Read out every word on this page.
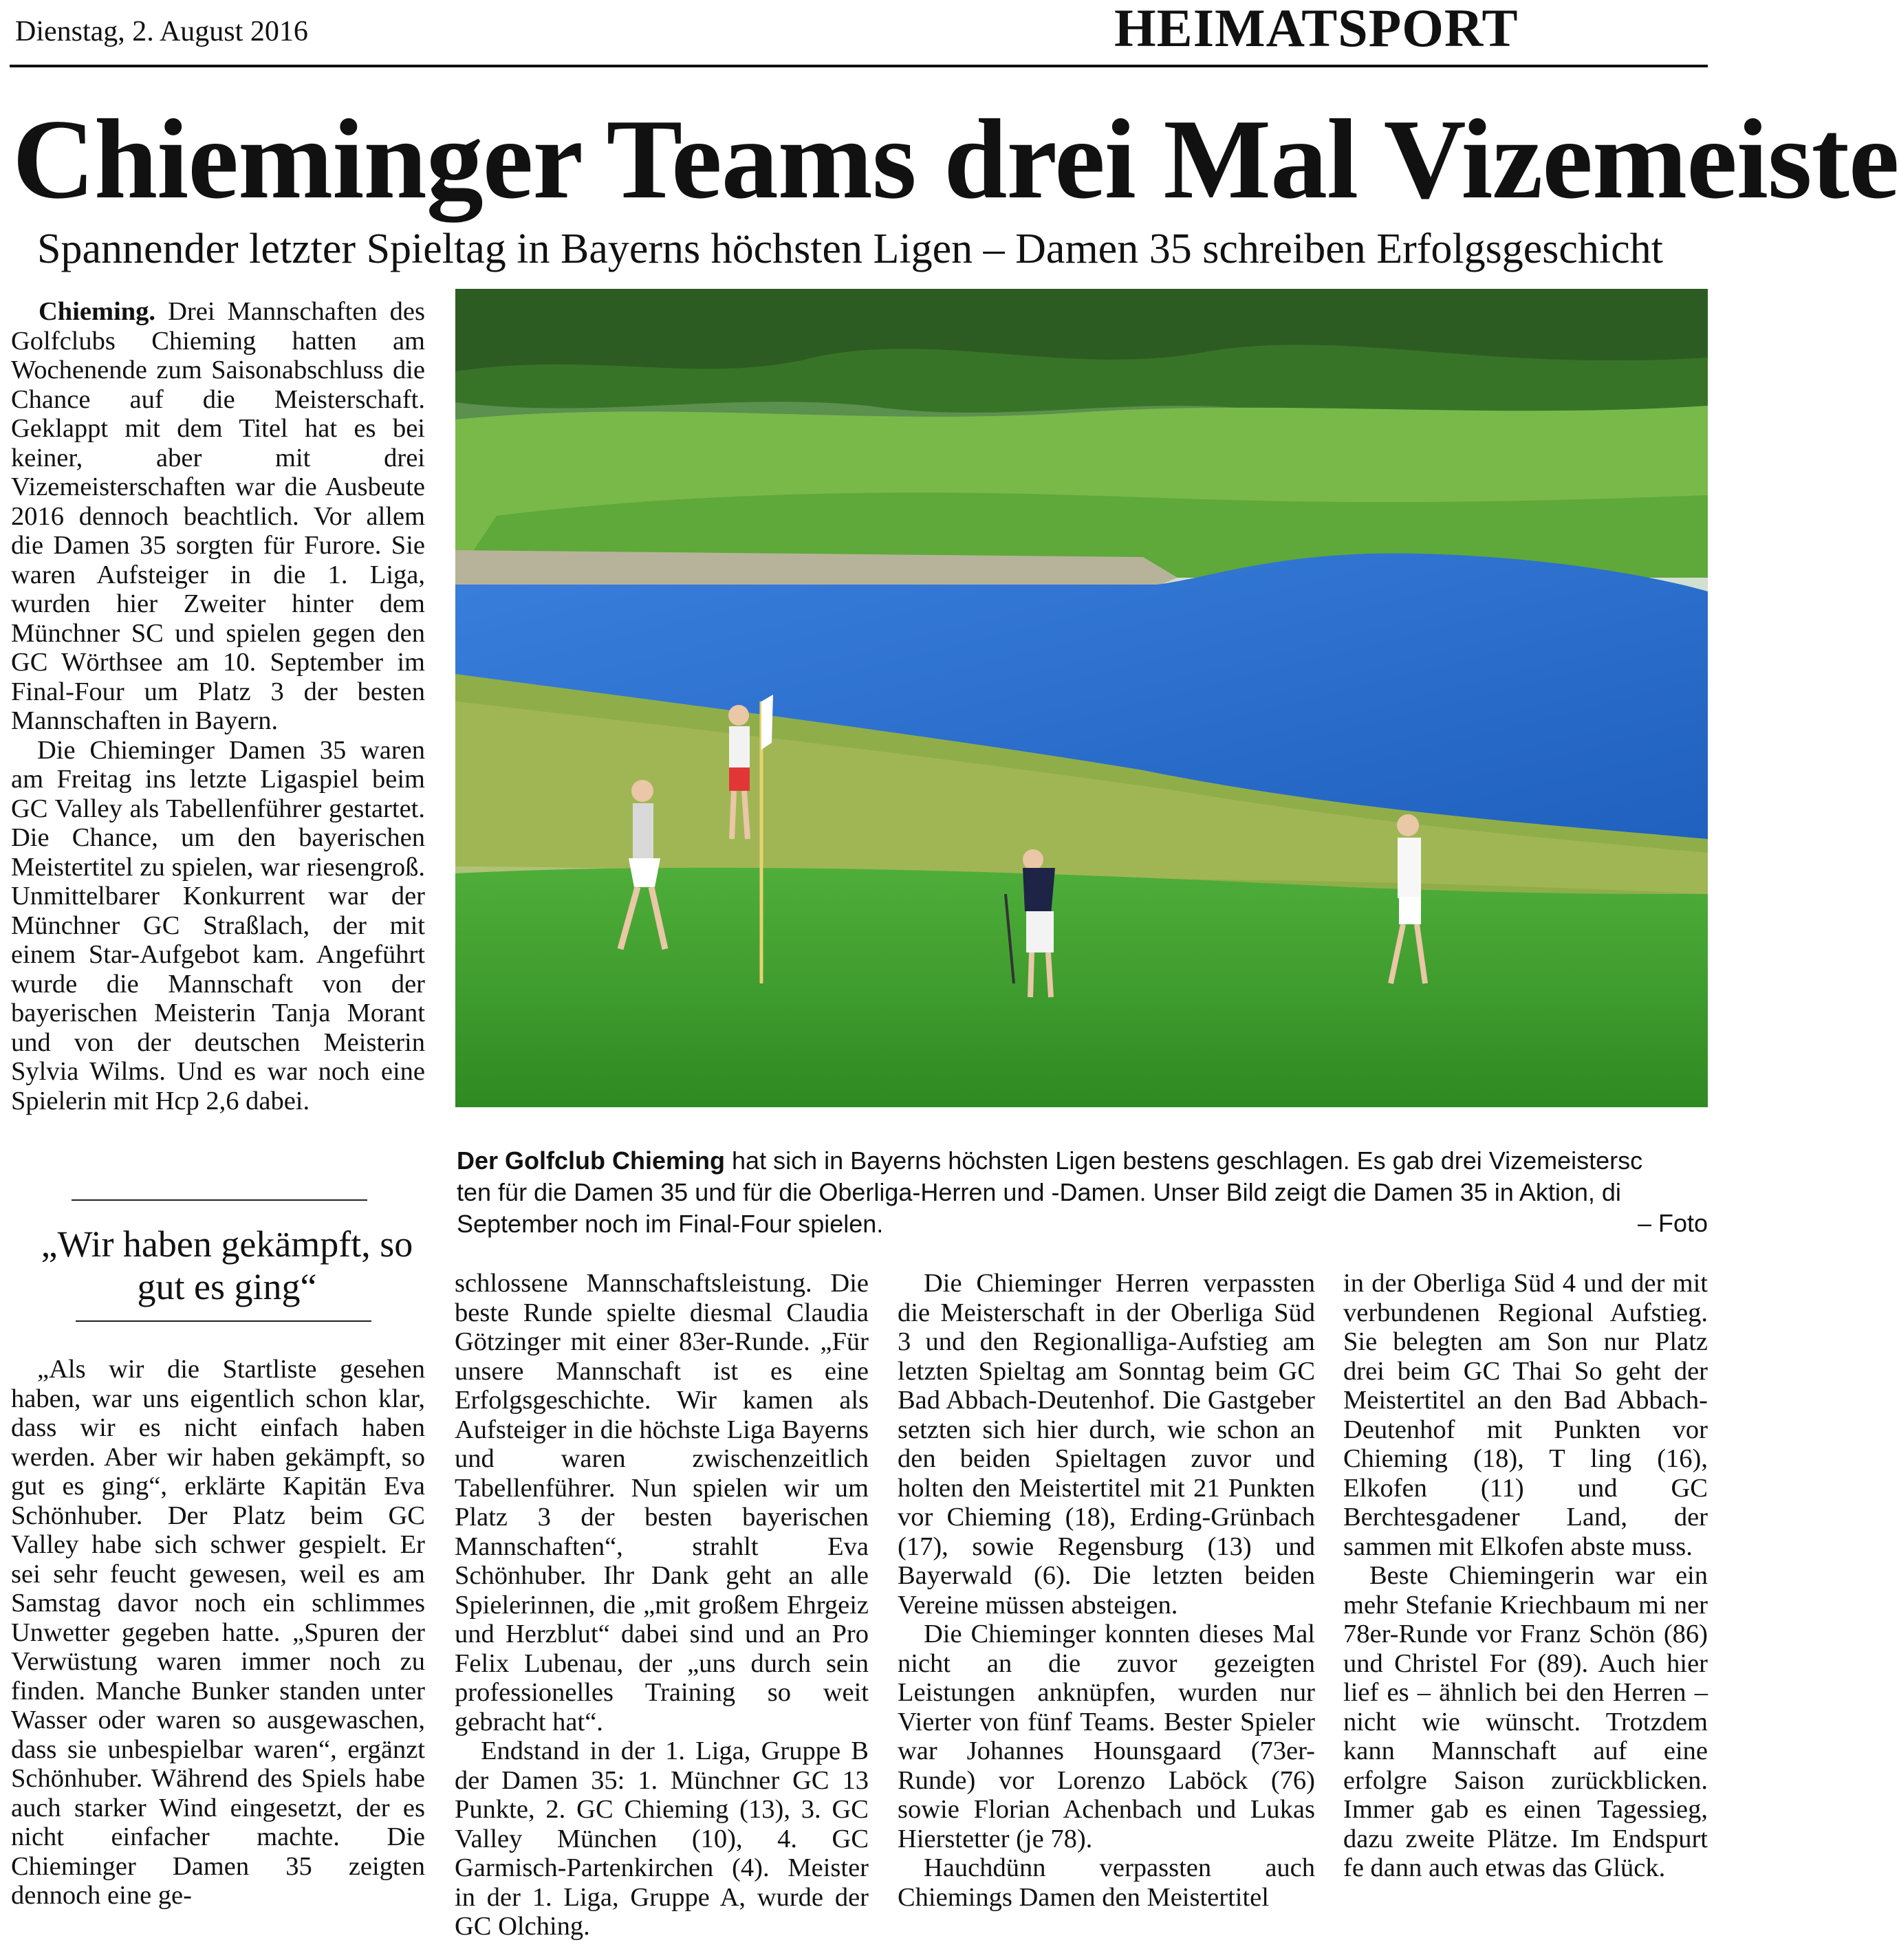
Dienstag, 2. August 2016	HEIMATSPORT
Chieminger Teams drei Mal Vizemeiste
Spannender letzter Spieltag in Bayerns höchsten Ligen – Damen 35 schreiben Erfolgsgeschicht

Chieming. Drei Mannschaften des Golfclubs Chieming hatten am Wochenende zum Saisonabschluss die Chance auf die Meisterschaft. Geklappt mit dem Titel hat es bei keiner, aber mit drei Vizemeisterschaften war die Ausbeute 2016 dennoch beachtlich. Vor allem die Damen 35 sorgten für Furore. Sie waren Aufsteiger in die 1. Liga, wurden hier Zweiter hinter dem Münchner SC und spielen gegen den GC Wörthsee am 10. September im Final-Four um Platz 3 der besten Mannschaften in Bayern.

Die Chieminger Damen 35 waren am Freitag ins letzte Ligaspiel beim GC Valley als Tabellenführer gestartet. Die Chance, um den bayerischen Meistertitel zu spielen, war riesengroß. Unmittelbarer Konkurrent war der Münchner GC Straßlach, der mit einem Star-Aufgebot kam. Angeführt wurde die Mannschaft von der bayerischen Meisterin Tanja Morant und von der deutschen Meisterin Sylvia Wilms. Und es war noch eine Spielerin mit Hcp 2,6 dabei.

„Wir haben gekämpft, so gut es ging“

„Als wir die Startliste gesehen haben, war uns eigentlich schon klar, dass wir es nicht einfach haben werden. Aber wir haben gekämpft, so gut es ging“, erklärte Kapitän Eva Schönhuber. Der Platz beim GC Valley habe sich schwer gespielt. Er sei sehr feucht gewesen, weil es am Samstag davor noch ein schlimmes Unwetter gegeben hatte. „Spuren der Verwüstung waren immer noch zu finden. Manche Bunker standen unter Wasser oder waren so ausgewaschen, dass sie unbespielbar waren“, ergänzt Schönhuber. Während des Spiels habe auch starker Wind eingesetzt, der es nicht einfacher machte. Die Chieminger Damen 35 zeigten dennoch eine ge-

Der Golfclub Chieming hat sich in Bayerns höchsten Ligen bestens geschlagen. Es gab drei Vizemeistersc
ten für die Damen 35 und für die Oberliga-Herren und -Damen. Unser Bild zeigt die Damen 35 in Aktion, di
September noch im Final-Four spielen.	– Foto

schlossene Mannschaftsleistung. Die beste Runde spielte diesmal Claudia Götzinger mit einer 83er-Runde. „Für unsere Mannschaft ist es eine Erfolgsgeschichte. Wir kamen als Aufsteiger in die höchste Liga Bayerns und waren zwischenzeitlich Tabellenführer. Nun spielen wir um Platz 3 der besten bayerischen Mannschaften“, strahlt Eva Schönhuber. Ihr Dank geht an alle Spielerinnen, die „mit großem Ehrgeiz und Herzblut“ dabei sind und an Pro Felix Lubenau, der „uns durch sein professionelles Training so weit gebracht hat“.

Endstand in der 1. Liga, Gruppe B der Damen 35: 1. Münchner GC 13 Punkte, 2. GC Chieming (13), 3. GC Valley München (10), 4. GC Garmisch-Partenkirchen (4). Meister in der 1. Liga, Gruppe A, wurde der GC Olching.

Die Chieminger Herren verpassten die Meisterschaft in der Oberliga Süd 3 und den Regionalliga-Aufstieg am letzten Spieltag am Sonntag beim GC Bad Abbach-Deutenhof. Die Gastgeber setzten sich hier durch, wie schon an den beiden Spieltagen zuvor und holten den Meistertitel mit 21 Punkten vor Chieming (18), Erding-Grünbach (17), sowie Regensburg (13) und Bayerwald (6). Die letzten beiden Vereine müssen absteigen.

Die Chieminger konnten dieses Mal nicht an die zuvor gezeigten Leistungen anknüpfen, wurden nur Vierter von fünf Teams. Bester Spieler war Johannes Hounsgaard (73er-Runde) vor Lorenzo Laböck (76) sowie Florian Achenbach und Lukas Hierstetter (je 78).

Hauchdünn verpassten auch Chiemings Damen den Meistertitel

in der Oberliga Süd 4 und der mit verbundenen Regional Aufstieg. Sie belegten am Son nur Platz drei beim GC Thai So geht der Meistertitel an den Bad Abbach-Deutenhof mit Punkten vor Chieming (18), T ling (16), Elkofen (11) und GC Berchtesgadener Land, der sammen mit Elkofen abste muss.

Beste Chiemingerin war ein mehr Stefanie Kriechbaum mi ner 78er-Runde vor Franz Schön (86) und Christel For (89). Auch hier lief es – ähnlich bei den Herren – nicht wie wünscht. Trotzdem kann Mannschaft auf eine erfolgre Saison zurückblicken. Immer gab es einen Tagessieg, dazu zweite Plätze. Im Endspurt fe dann auch etwas das Glück.
